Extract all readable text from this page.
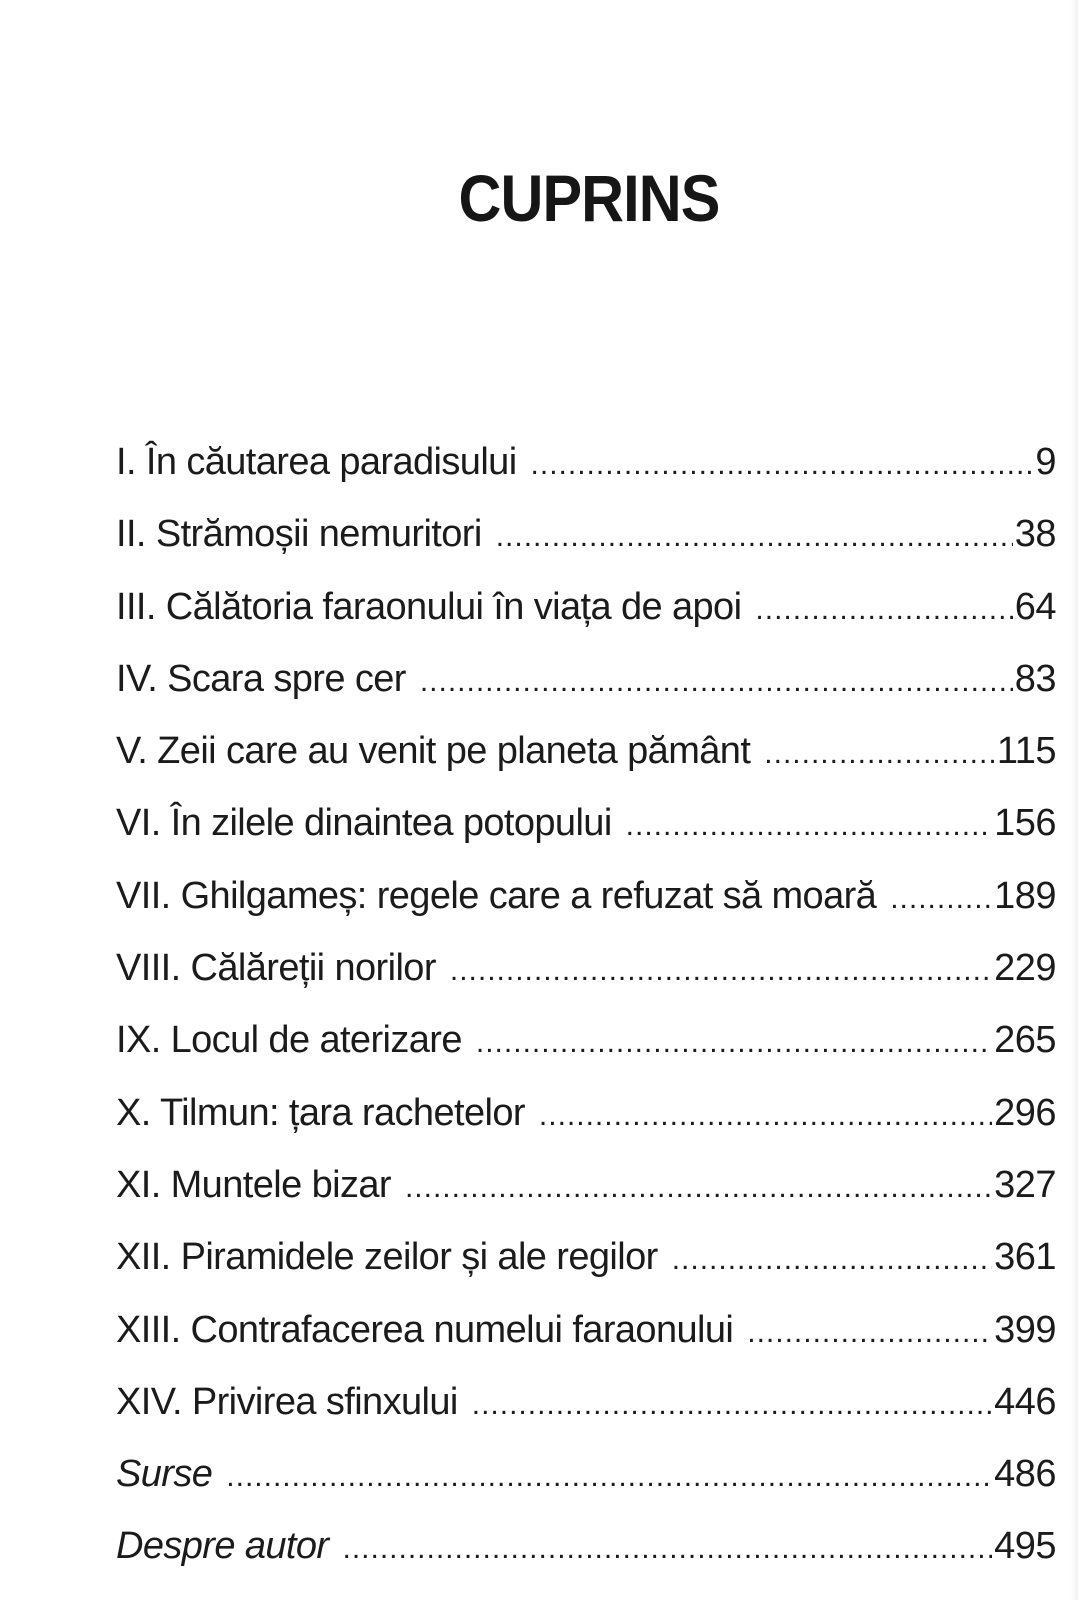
CUPRINS
I. În căutarea paradisului .....	9
II. Strămoșii nemuritori .....	38
III. Călătoria faraonului în viața de apoi .....	64
IV. Scara spre cer .....	83
V. Zeii care au venit pe planeta pământ .....	115
VI. În zilele dinaintea potopului .....	156
VII. Ghilgameș: regele care a refuzat să moară .....	189
VIII. Călăreții norilor .....	229
IX. Locul de aterizare .....	265
X. Tilmun: țara rachetelor .....	296
XI. Muntele bizar .....	327
XII. Piramidele zeilor și ale regilor .....	361
XIII. Contrafacerea numelui faraonului .....	399
XIV. Privirea sfinxului .....	446
Surse .....	486
Despre autor .....	495
